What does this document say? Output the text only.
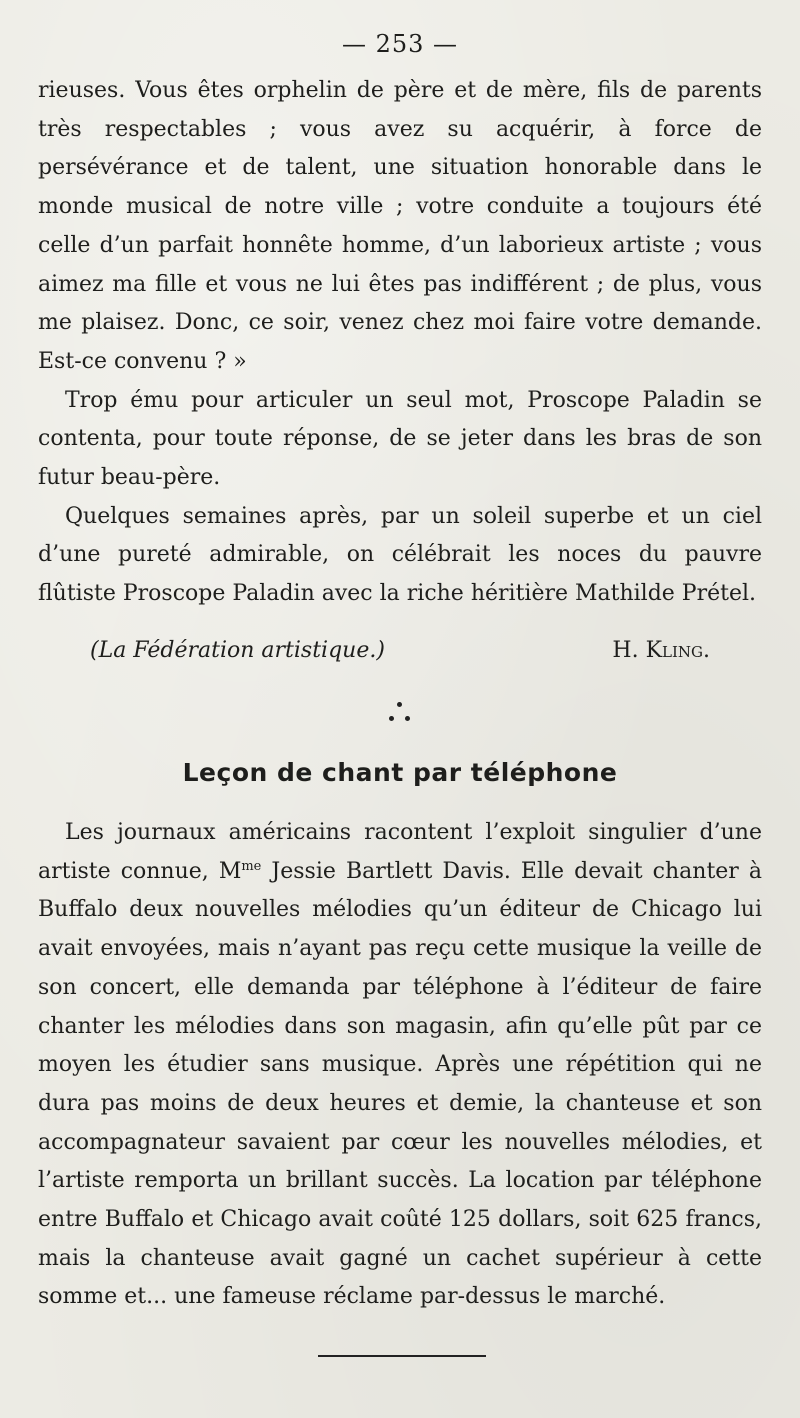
— 253 —

rieuses. Vous êtes orphelin de père et de mère, fils de parents très respectables ; vous avez su acquérir, à force de persévérance et de talent, une situation honorable dans le monde musical de notre ville ; votre conduite a toujours été celle d’un parfait honnête homme, d’un laborieux artiste ; vous aimez ma fille et vous ne lui êtes pas indifférent ; de plus, vous me plaisez. Donc, ce soir, venez chez moi faire votre demande. Est-ce convenu ? »

Trop ému pour articuler un seul mot, Proscope Paladin se contenta, pour toute réponse, de se jeter dans les bras de son futur beau-père.

Quelques semaines après, par un soleil superbe et un ciel d’une pureté admirable, on célébrait les noces du pauvre flûtiste Proscope Paladin avec la riche héritière Mathilde Prétel.

(La Fédération artistique.)	H. Kling.
Leçon de chant par téléphone

Les journaux américains racontent l’exploit singulier d’une artiste connue, $M^{me}$ Jessie Bartlett Davis. Elle devait chanter à Buffalo deux nouvelles mélodies qu’un éditeur de Chicago lui avait envoyées, mais n’ayant pas reçu cette musique la veille de son concert, elle demanda par téléphone à l’éditeur de faire chanter les mélodies dans son magasin, afin qu’elle pût par ce moyen les étudier sans musique. Après une répétition qui ne dura pas moins de deux heures et demie, la chanteuse et son accompagnateur savaient par cœur les nouvelles mélodies, et l’artiste remporta un brillant succès. La location par téléphone entre Buffalo et Chicago avait coûté 125 dollars, soit 625 francs, mais la chanteuse avait gagné un cachet supérieur à cette somme et... une fameuse réclame par-dessus le marché.
